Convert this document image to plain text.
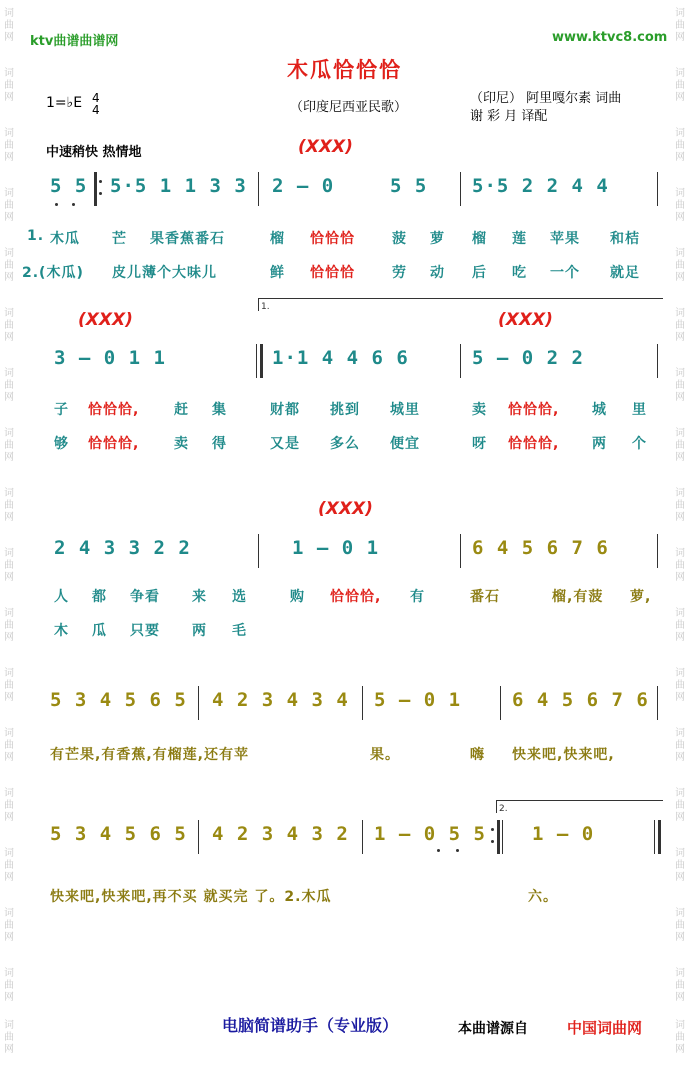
词曲网
词曲网
词曲网
词曲网
词曲网
词曲网
词曲网
词曲网
词曲网
词曲网
词曲网
词曲网
词曲网
词曲网
词曲网
词曲网
词曲网
词曲网
词曲网
词曲网
词曲网
词曲网
词曲网
词曲网
词曲网
词曲网
词曲网
词曲网
词曲网
词曲网
词曲网
词曲网
词曲网
词曲网
词曲网
词曲网
ktv曲谱曲谱网	www.ktvc8.com
木瓜恰恰恰
1=♭E 4
4	（印度尼西亚民歌）
（印尼） 阿里嘎尔素 词曲
谢 彩 月 译配
中速稍快 热情地	(XXX)
5 5 5·5 1 1 3 3 2 – 0	5 5 5·5 2 2 4 4
1. 木瓜 芒 果香蕉番石	榴 恰恰恰	菠 萝 榴 莲 苹果 和桔
2.(木瓜) 皮儿薄个大味儿	鲜 恰恰恰	劳 动 后 吃 一个 就足
1.
(XXX)	(XXX)
3 – 0 1 1	1·1 4 4 6 6	5 – 0 2 2
子 恰恰恰, 赶 集	财都 挑到 城里	卖 恰恰恰, 城 里
够 恰恰恰, 卖 得	又是 多么 便宜	呀 恰恰恰, 两 个
(XXX)
2 4 3 3 2 2	1 – 0 1	6 4 5 6 7 6
人 都 争看 来 选	购 恰恰恰, 有	番石	榴,有菠 萝,
木 瓜 只要 两 毛
5 3 4 5 6 5 4 2 3 4 3 4 5 – 0 1	6 4 5 6 7 6
有芒果,有香蕉,有榴莲,还有苹	果。	嗨 快来吧,快来吧,
2.
5 3 4 5 6 5 4 2 3 4 3 2 1 – 0 5 5 1 – 0
快来吧,快来吧,再不买 就买完 了。2.木瓜	六。
电脑简谱助手（专业版）	本曲谱源自	中国词曲网
